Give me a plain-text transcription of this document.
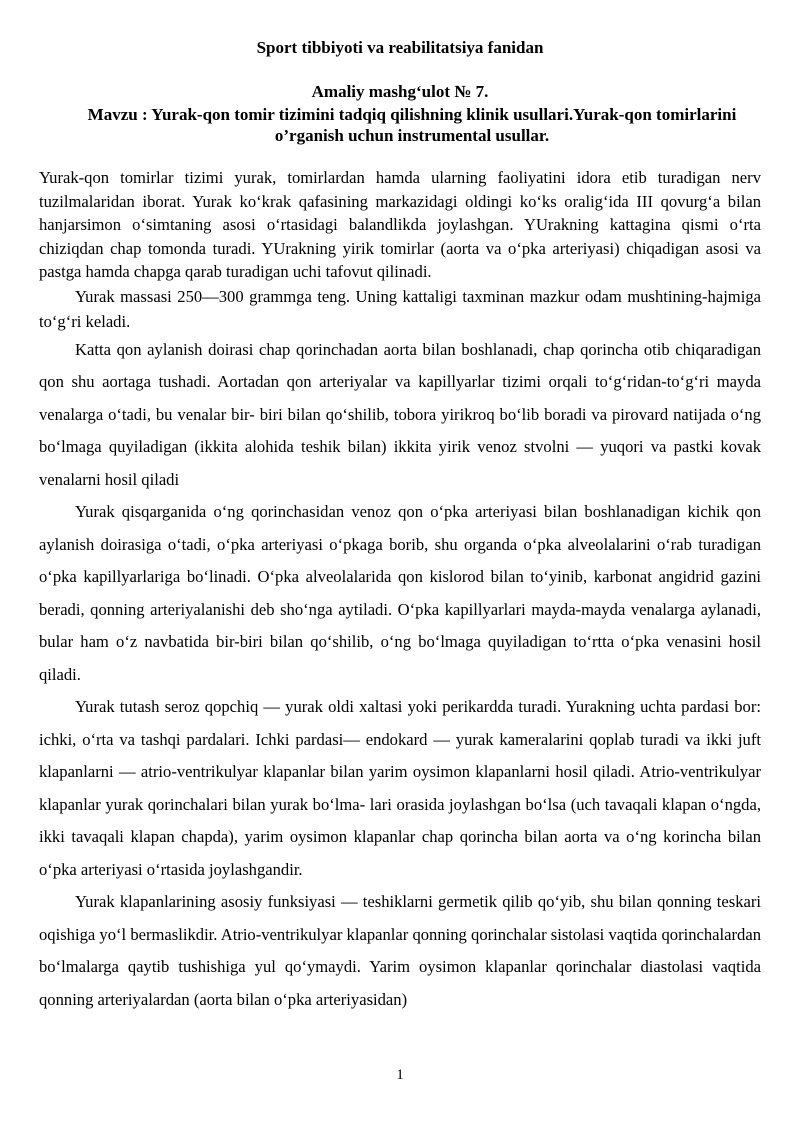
Sport tibbiyoti va reabilitatsiya fanidan
Amaliy mashg‘ulot № 7.

Mavzu : Yurak-qon tomir tizimini tadqiq qilishning klinik usullari.Yurak-qon tomirlarini o’rganish uchun instrumental usullar.

Yurak-qon tomirlar tizimi yurak, tomirlardan hamda ularning faoliyatini idora etib turadigan nerv tuzilmalaridan iborat. Yurak ko‘krak qafasining markazidagi oldingi ko‘ks oralig‘ida III qovurg‘a bilan hanjarsimon o‘simtaning asosi o‘rtasidagi balandlikda joylashgan. YUrakning kattagina qismi o‘rta chiziqdan chap tomonda turadi. YUrakning yirik tomirlar (aorta va o‘pka arteriyasi) chiqadigan asosi va pastga hamda chapga qarab turadigan uchi tafovut qilinadi.

Yurak massasi 250—300 grammga teng. Uning kattaligi taxminan mazkur odam mushtining-hajmiga to‘g‘ri keladi.

Katta qon aylanish doirasi chap qorinchadan aorta bilan boshlanadi, chap qorincha otib chiqaradigan qon shu aortaga tushadi. Aortadan qon arteriyalar va kapillyarlar tizimi orqali to‘g‘ridan-to‘g‘ri mayda venalarga o‘tadi, bu venalar bir- biri bilan qo‘shilib, tobora yirikroq bo‘lib boradi va pirovard natijada o‘ng bo‘lmaga quyiladigan (ikkita alohida teshik bilan) ikkita yirik venoz stvolni — yuqori va pastki kovak venalarni hosil qiladi

Yurak qisqarganida o‘ng qorinchasidan venoz qon o‘pka arteriyasi bilan boshlanadigan kichik qon aylanish doirasiga o‘tadi, o‘pka arteriyasi o‘pkaga borib, shu organda o‘pka alveolalarini o‘rab turadigan o‘pka kapillyarlariga bo‘linadi. O‘pka alveolalarida qon kislorod bilan to‘yinib, karbonat angidrid gazini beradi, qonning arteriyalanishi deb sho‘nga aytiladi. O‘pka kapillyarlari mayda-mayda venalarga aylanadi, bular ham o‘z navbatida bir-biri bilan qo‘shilib, o‘ng bo‘lmaga quyiladigan to‘rtta o‘pka venasini hosil qiladi.

Yurak tutash seroz qopchiq — yurak oldi xaltasi yoki perikardda turadi. Yurakning uchta pardasi bor: ichki, o‘rta va tashqi pardalari. Ichki pardasi— endokard — yurak kameralarini qoplab turadi va ikki juft klapanlarni — atrio-ventrikulyar klapanlar bilan yarim oysimon klapanlarni hosil qiladi. Atrio-ventrikulyar klapanlar yurak qorinchalari bilan yurak bo‘lma- lari orasida joylashgan bo‘lsa (uch tavaqali klapan o‘ngda, ikki tavaqali klapan chapda), yarim oysimon klapanlar chap qorincha bilan aorta va o‘ng korincha bilan o‘pka arteriyasi o‘rtasida joylashgandir.

Yurak klapanlarining asosiy funksiyasi — teshiklarni germetik qilib qo‘yib, shu bilan qonning teskari oqishiga yo‘l bermaslikdir. Atrio-ventrikulyar klapanlar qonning qorinchalar sistolasi vaqtida qorinchalardan bo‘lmalarga qaytib tushishiga yul qo‘ymaydi. Yarim oysimon klapanlar qorinchalar diastolasi vaqtida qonning arteriyalardan (aorta bilan o‘pka arteriyasidan)

1
